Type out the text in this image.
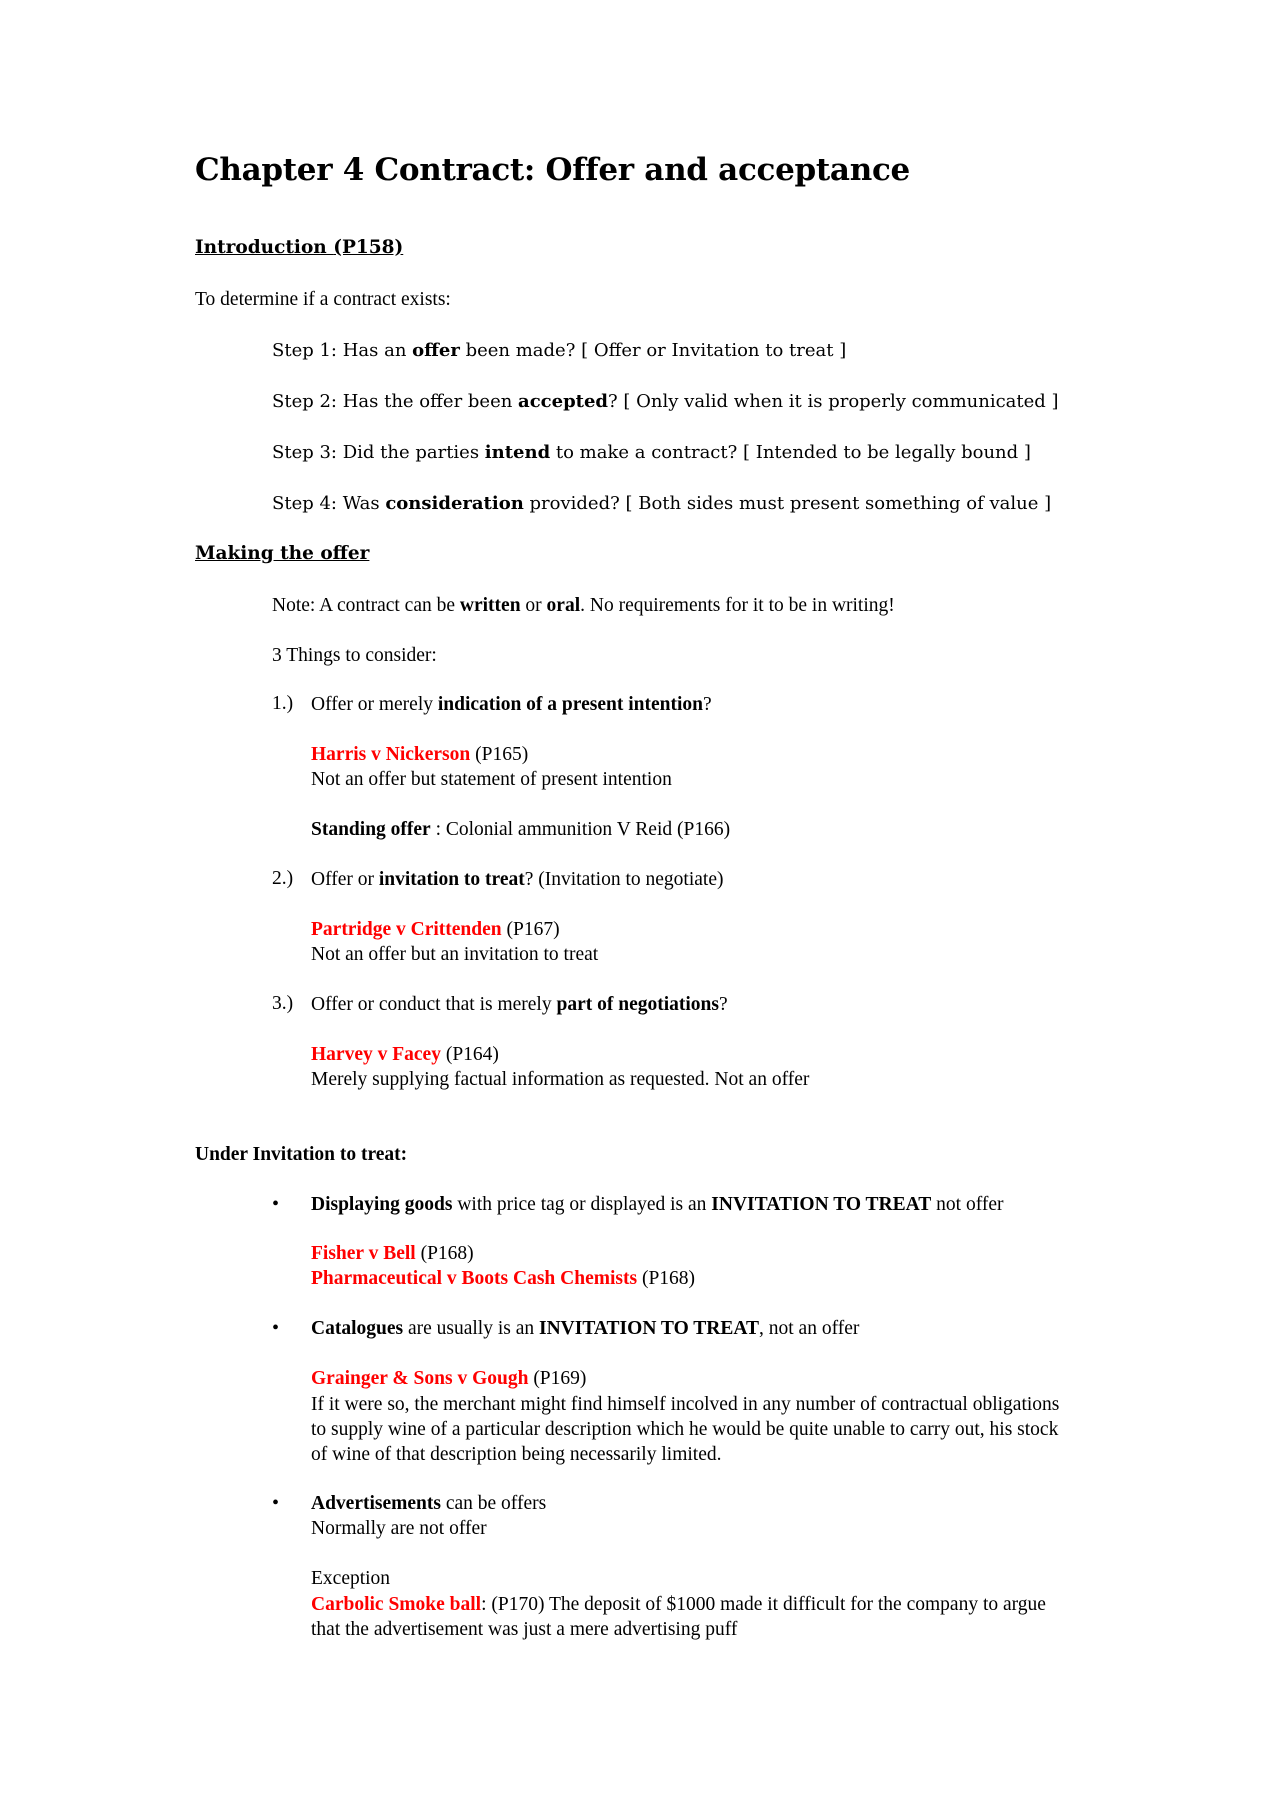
Chapter 4 Contract: Offer and acceptance
Introduction (P158)
To determine if a contract exists:
Step 1: Has an offer been made? [ Offer or Invitation to treat ]
Step 2: Has the offer been accepted? [ Only valid when it is properly communicated ]
Step 3: Did the parties intend to make a contract? [ Intended to be legally bound ]
Step 4: Was consideration provided? [ Both sides must present something of value ]
Making the offer
Note: A contract can be written or oral. No requirements for it to be in writing!
3 Things to consider:
1.) Offer or merely indication of a present intention?
Harris v Nickerson (P165)
Not an offer but statement of present intention
Standing offer : Colonial ammunition V Reid (P166)
2.) Offer or invitation to treat? (Invitation to negotiate)
Partridge v Crittenden (P167)
Not an offer but an invitation to treat
3.) Offer or conduct that is merely part of negotiations?
Harvey v Facey (P164)
Merely supplying factual information as requested. Not an offer
Under Invitation to treat:
• Displaying goods with price tag or displayed is an INVITATION TO TREAT not offer
Fisher v Bell (P168)
Pharmaceutical v Boots Cash Chemists (P168)
• Catalogues are usually is an INVITATION TO TREAT, not an offer
Grainger & Sons v Gough (P169)
If it were so, the merchant might find himself incolved in any number of contractual obligations to supply wine of a particular description which he would be quite unable to carry out, his stock of wine of that description being necessarily limited.
• Advertisements can be offers
Normally are not offer
Exception
Carbolic Smoke ball: (P170) The deposit of $1000 made it difficult for the company to argue that the advertisement was just a mere advertising puff
